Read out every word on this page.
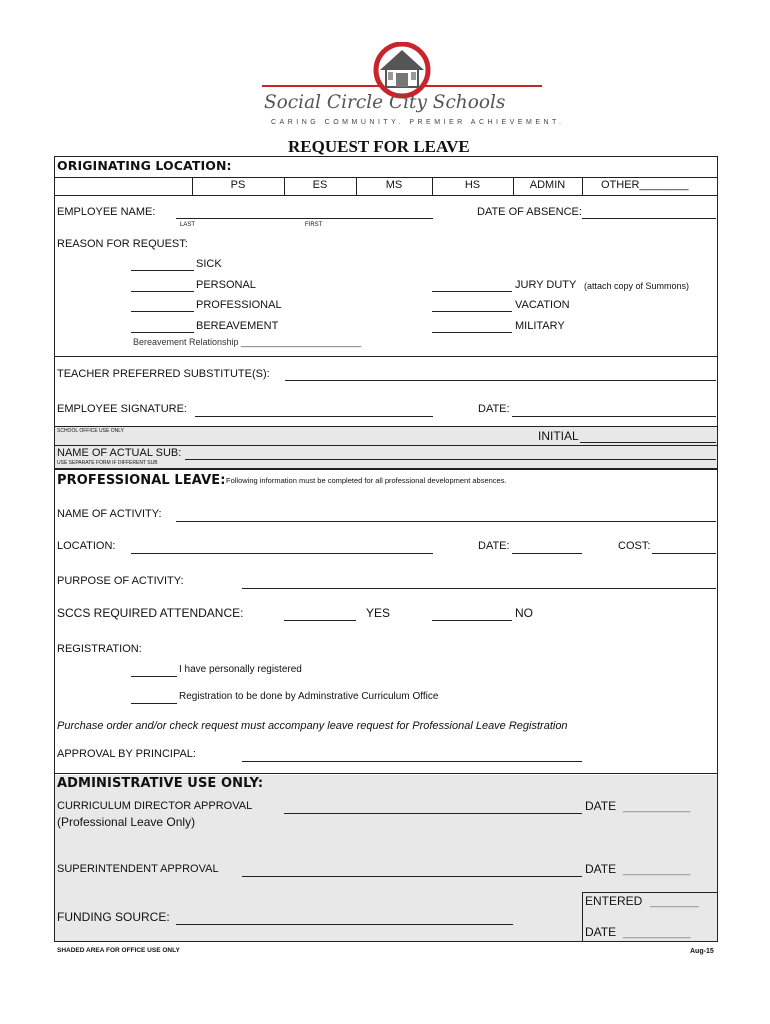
Social Circle City Schools
CARING COMMUNITY. PREMIER ACHIEVEMENT.
REQUEST FOR LEAVE
ORIGINATING LOCATION:
PS	ES	MS	HS	ADMIN	OTHER________
EMPLOYEE NAME:
LAST	FIRST
DATE OF ABSENCE:
REASON FOR REQUEST:
SICK
PERSONAL
PROFESSIONAL
BEREAVEMENT
JURY DUTY (attach copy of Summons)
VACATION
MILITARY
Bereavement Relationship ________________________
TEACHER PREFERRED SUBSTITUTE(S):
EMPLOYEE SIGNATURE:	DATE:
SCHOOL OFFICE USE ONLY	INITIAL
NAME OF ACTUAL SUB:
USE SEPARATE FORM IF DIFFERENT SUB
PROFESSIONAL LEAVE: Following information must be completed for all professional development absences.
NAME OF ACTIVITY:
LOCATION:	DATE:	COST:
PURPOSE OF ACTIVITY:
SCCS REQUIRED ATTENDANCE:	YES	NO
REGISTRATION:
I have personally registered
Registration to be done by Adminstrative Curriculum Office
Purchase order and/or check request must accompany leave request for Professional Leave Registration
APPROVAL BY PRINCIPAL:
ADMINISTRATIVE USE ONLY:
CURRICULUM DIRECTOR APPROVAL
(Professional Leave Only)
DATE ___________
SUPERINTENDENT APPROVAL	DATE ___________
ENTERED ________
DATE ___________
FUNDING SOURCE:
SHADED AREA FOR OFFICE USE ONLY	Aug-15
